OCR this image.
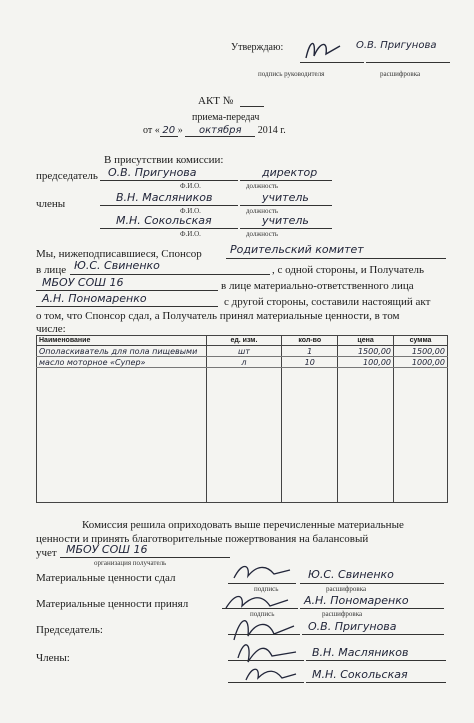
Утверждаю:	О.В. Пригунова
подпись руководителя	расшифровка
АКТ №
приема-передач
от « 20 » октября 2014 г.
В присутствии комиссии:
председатель О.В. Пригунова	директор
Ф.И.О.	должность
члены	В.Н. Масляников	учитель
Ф.И.О.	должность
М.Н. Сокольская	учитель
Ф.И.О.	должность
Мы, нижеподписавшиеся, Спонсор	Родительский комитет
в лице Ю.С. Свиненко	, с одной стороны, и Получатель
МБОУ СОШ 16	в лице материально-ответственного лица
А.Н. Пономаренко	с другой стороны, составили настоящий акт
о том, что Спонсор сдал, а Получатель принял материальные ценности, в том
числе:
Наименование	ед. изм.	кол-во	цена	сумма
Ополаскиватель для пола пищевыми	шт	1	1500,00	1500,00
масло моторное «Супер»	л	10	100,00	1000,00

Комиссия решила оприходовать выше перечисленные материальные
ценности и принять благотворительные пожертвования на балансовый
учет МБОУ СОШ 16
организация получатель
Материальные ценности сдал	Ю.С. Свиненко
подпись	расшифровка
Материальные ценности принял	А.Н. Пономаренко
подпись	расшифровка
Председатель:	О.В. Пригунова
Члены:	В.Н. Масляников
М.Н. Сокольская
